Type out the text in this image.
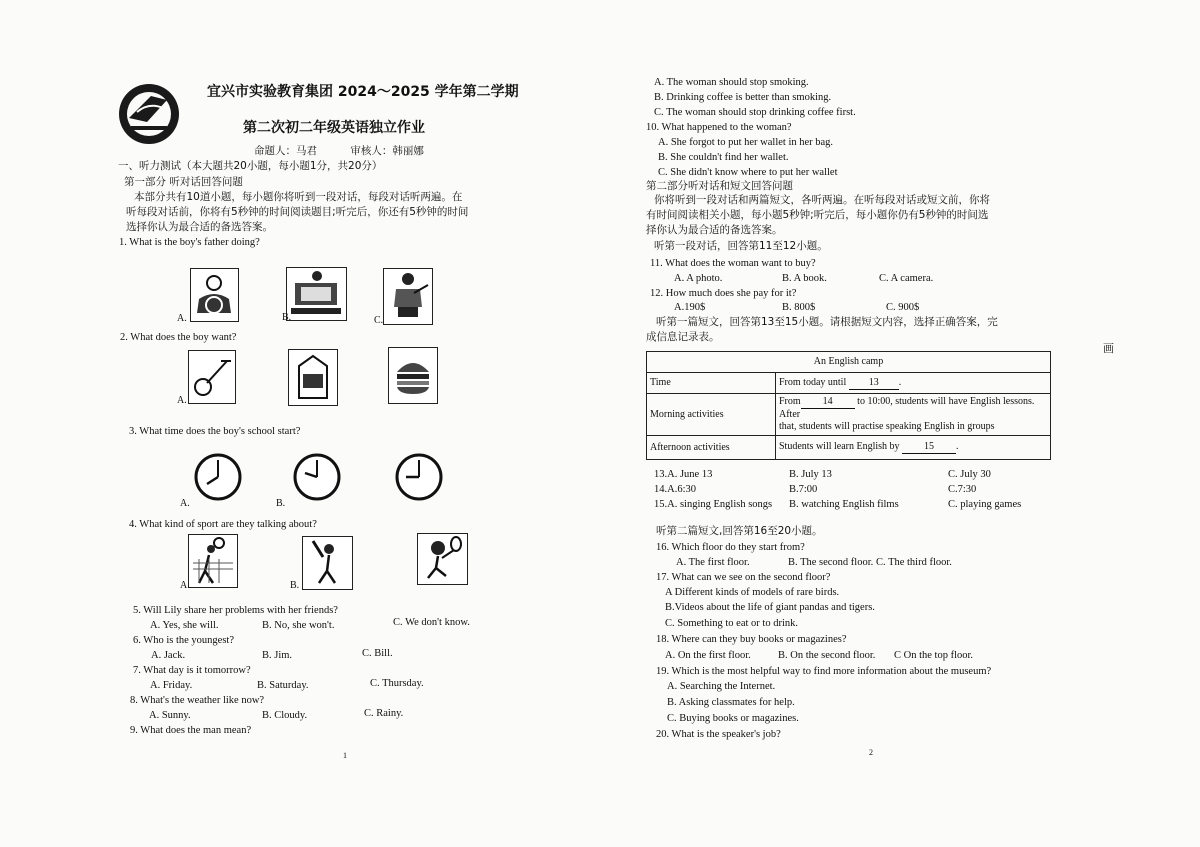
宜兴市实验教育集团 2024～2025 学年第二学期
第二次初二年级英语独立作业
命题人：马君          审核人：韩丽娜
一、听力测试（本大题共20小题，每小题1分，共20分）
第一部分 听对话回答问题
本部分共有10道小题，每小题你将听到一段对话，每段对话听两遍。在
听每段对话前，你将有5秒钟的时间阅读题目;听完后，你还有5秒钟的时间
选择你认为最合适的备选答案。
1. What is the boy's father doing?
A.	B.	C.
2. What does the boy want?
A.
3. What time does the boy's school start?
A.	B.
4. What kind of sport are they talking about?
A.	B.
5. Will Lily share her problems with her friends?
A. Yes, she will.	B. No, she won't.	C. We don't know.
6. Who is the youngest?
A. Jack.	B. Jim.	C. Bill.
7. What day is it tomorrow?
A. Friday.	B. Saturday.	C. Thursday.
8. What's the weather like now?
A. Sunny.	B. Cloudy.	C. Rainy.
9. What does the man mean?
1
A. The woman should stop smoking.
B. Drinking coffee is better than smoking.
C. The woman should stop drinking coffee first.
10. What happened to the woman?
A. She forgot to put her wallet in her bag.
B. She couldn't find her wallet.
C. She didn't know where to put her wallet
第二部分听对话和短文回答问题
你将听到一段对话和两篇短文，各听两遍。在听每段对话或短文前，你将
有时间阅读相关小题，每小题5秒钟;听完后，每小题你仍有5秒钟的时间选
择你认为最合适的备选答案。
听第一段对话，回答第11至12小题。
11. What does the woman want to buy?
A. A photo.	B. A book.	C. A camera.
12. How much does she pay for it?
A.190$	B. 800$	C. 900$
听第一篇短文，回答第13至15小题。请根据短文内容，选择正确答案，完
成信息记录表。
An English camp	
Time	From today until 13 .
Morning activities	From 14 to 10:00, students will have English lessons. After
that, students will practise speaking English in groups
Afternoon activities	Students will learn English by 15 .
13.A. June 13	B. July 13	C. July 30
14.A.6:30	B.7:00	C.7:30
15.A. singing English songs B. watching English films	C. playing games
听第二篇短文,回答第16至20小题。
16. Which floor do they start from?
A. The first floor.	B. The second floor. C. The third floor.
17. What can we see on the second floor?
A Different kinds of models of rare birds.
B.Videos about the life of giant pandas and tigers.
C. Something to eat or to drink.
18. Where can they buy books or magazines?
A. On the first floor.	B. On the second floor. C On the top floor.
19. Which is the most helpful way to find more information about the museum?
A. Searching the Internet.
B. Asking classmates for help.
C. Buying books or magazines.
20. What is the speaker's job?
2
画
